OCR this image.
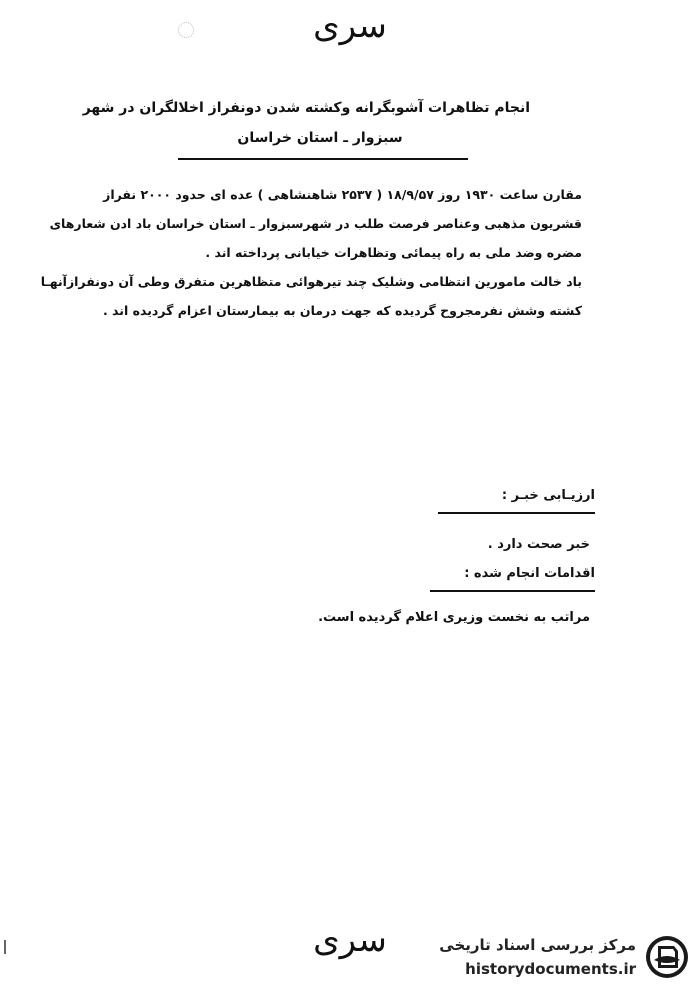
سری
انجام تظاهرات آشوبگرانه وکشته شدن دونفراز اخلالگران در شهر
سبزوار ـ استان خراسان

مقارن ساعت ۱۹۳۰ روز ۱۸/۹/۵۷ ( ۲۵۳۷ شاهنشاهی ) عده ای حدود ۲۰۰۰ نفراز

قشریون مذهبی وعناصر فرصت طلب در شهرسبزوار ـ استان خراسان باد ادن شعارهای

مضره وضد ملی به راه پیمائی وتظاهرات خیابانی پرداخته اند .

باد خالت مامورین انتظامی وشلیک چند تیرهوائی متظاهرین متفرق وطی آن دونفرازآنهـا

کشته وشش نفرمجروح گردیده که جهت درمان به بیمارستان اعزام گردیده اند .

ارزیـابی خبـر :
خبر صحت دارد .
اقدامات انجام شده :
مراتب به نخست وزیری اعلام گردیده است.
سری	مرکز بررسی اسناد تاریخی
historydocuments.ir
